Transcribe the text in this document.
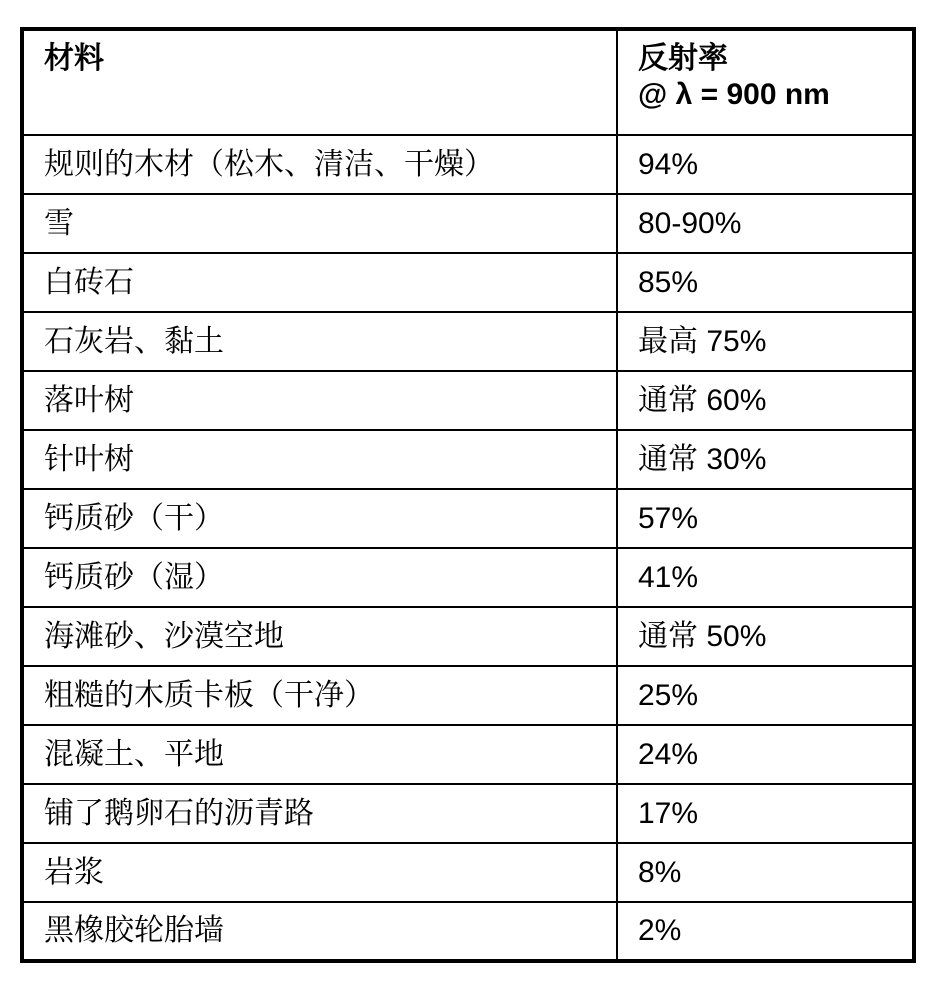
材料	反射率
@ λ = 900 nm

规则的木材（松木、清洁、干燥）	94%
雪	80-90%
白砖石	85%
石灰岩、黏土	最高 75%
落叶树	通常 60%
针叶树	通常 30%
钙质砂（干）	57%
钙质砂（湿）	41%
海滩砂、沙漠空地	通常 50%
粗糙的木质卡板（干净）	25%
混凝土、平地	24%
铺了鹅卵石的沥青路	17%
岩浆	8%
黑橡胶轮胎墙	2%
